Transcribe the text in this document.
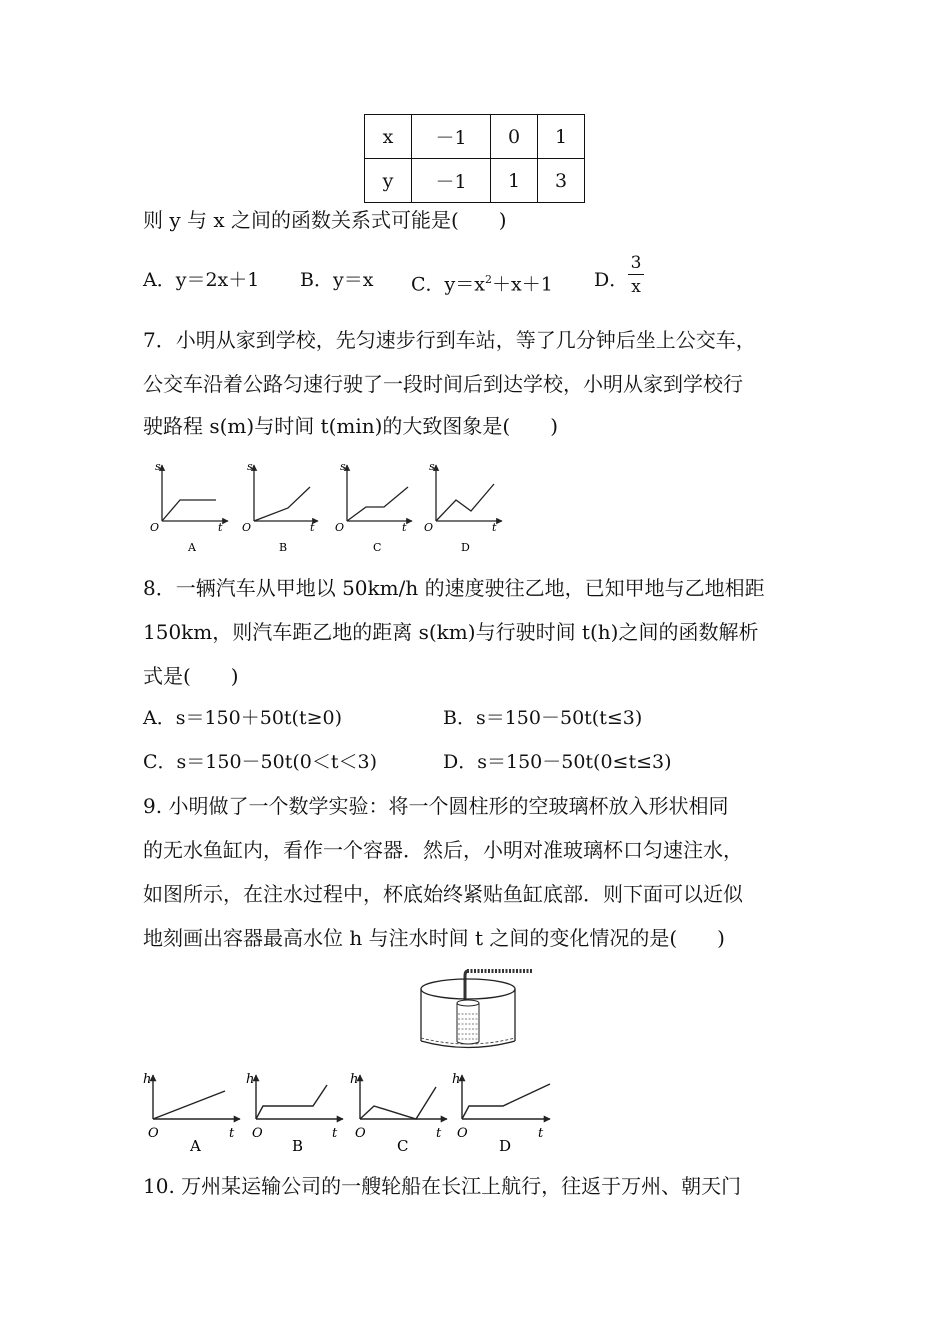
x	－1	0	1
y	－1	1	3
则 y 与 x 之间的函数关系式可能是(　　)
A．y＝2x＋1 B．y＝x C．$y=x^2+x+1$ D．
3
x
7．小明从家到学校，先匀速步行到车站，等了几分钟后坐上公交车，
公交车沿着公路匀速行驶了一段时间后到达学校，小明从家到学校行
驶路程 s(m)与时间 t(min)的大致图象是(　　)
s
t
O
A
s
t
O
B
s
t
O
C
s
t
O
D
8．一辆汽车从甲地以 50km/h 的速度驶往乙地，已知甲地与乙地相距
150km，则汽车距乙地的距离 s(km)与行驶时间 t(h)之间的函数解析
式是(　　)
A．s＝150＋50t(t≥0)	B．s＝150－50t(t≤3)
C．s＝150－50t(0＜t＜3)	D．s＝150－50t(0≤t≤3)
9. 小明做了一个数学实验：将一个圆柱形的空玻璃杯放入形状相同
的无水鱼缸内，看作一个容器．然后，小明对准玻璃杯口匀速注水，
如图所示，在注水过程中，杯底始终紧贴鱼缸底部．则下面可以近似
地刻画出容器最高水位 h 与注水时间 t 之间的变化情况的是(　　)
h
t
O
A
h
t
O
B
h
t
O
C
h
t
O
D
10. 万州某运输公司的一艘轮船在长江上航行，往返于万州、朝天门
